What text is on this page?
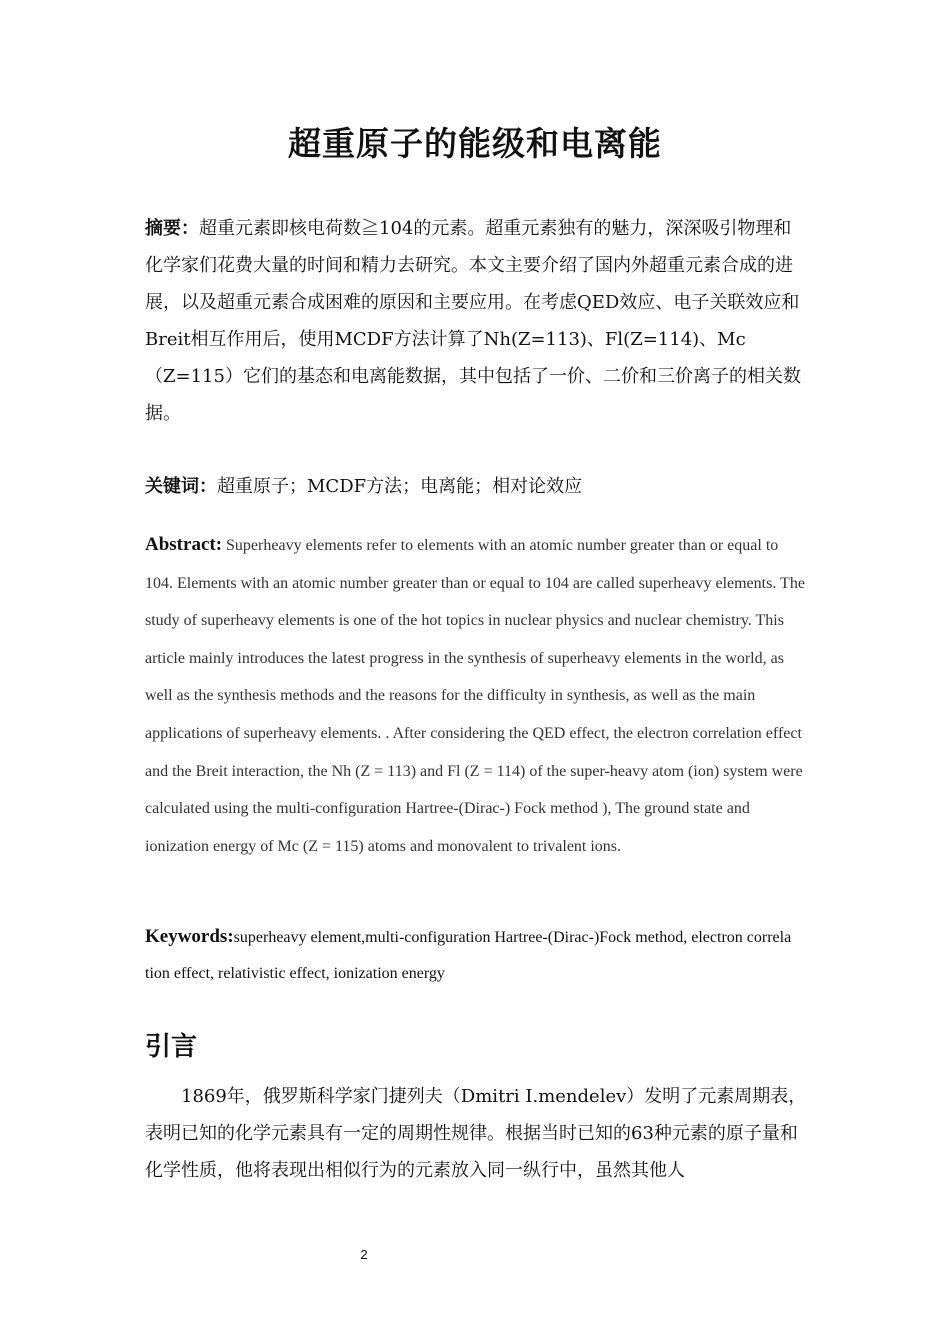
超重原子的能级和电离能
摘要：超重元素即核电荷数≧104的元素。超重元素独有的魅力，深深吸引物理和化学家们花费大量的时间和精力去研究。本文主要介绍了国内外超重元素合成的进展，以及超重元素合成困难的原因和主要应用。在考虑QED效应、电子关联效应和Breit相互作用后，使用MCDF方法计算了Nh(Z=113)、Fl(Z=114)、Mc（Z=115）它们的基态和电离能数据，其中包括了一价、二价和三价离子的相关数据。
关键词：超重原子；MCDF方法；电离能；相对论效应
Abstract: Superheavy elements refer to elements with an atomic number greater than or equal to 104. Elements with an atomic number greater than or equal to 104 are called superheavy elements. The study of superheavy elements is one of the hot topics in nuclear physics and nuclear chemistry. This article mainly introduces the latest progress in the synthesis of superheavy elements in the world, as well as the synthesis methods and the reasons for the difficulty in synthesis, as well as the main applications of superheavy elements. . After considering the QED effect, the electron correlation effect and the Breit interaction, the Nh (Z = 113) and Fl (Z = 114) of the super-heavy atom (ion) system were calculated using the multi-configuration Hartree-(Dirac-) Fock method ), The ground state and ionization energy of Mc (Z = 115) atoms and monovalent to trivalent ions.
Keywords:superheavy element,multi-configuration Hartree-(Dirac-)Fock method, electron correla tion effect, relativistic effect, ionization energy
引言
1869年，俄罗斯科学家门捷列夫（Dmitri I.mendelev）发明了元素周期表，表明已知的化学元素具有一定的周期性规律。根据当时已知的63种元素的原子量和化学性质，他将表现出相似行为的元素放入同一纵行中，虽然其他人
2
